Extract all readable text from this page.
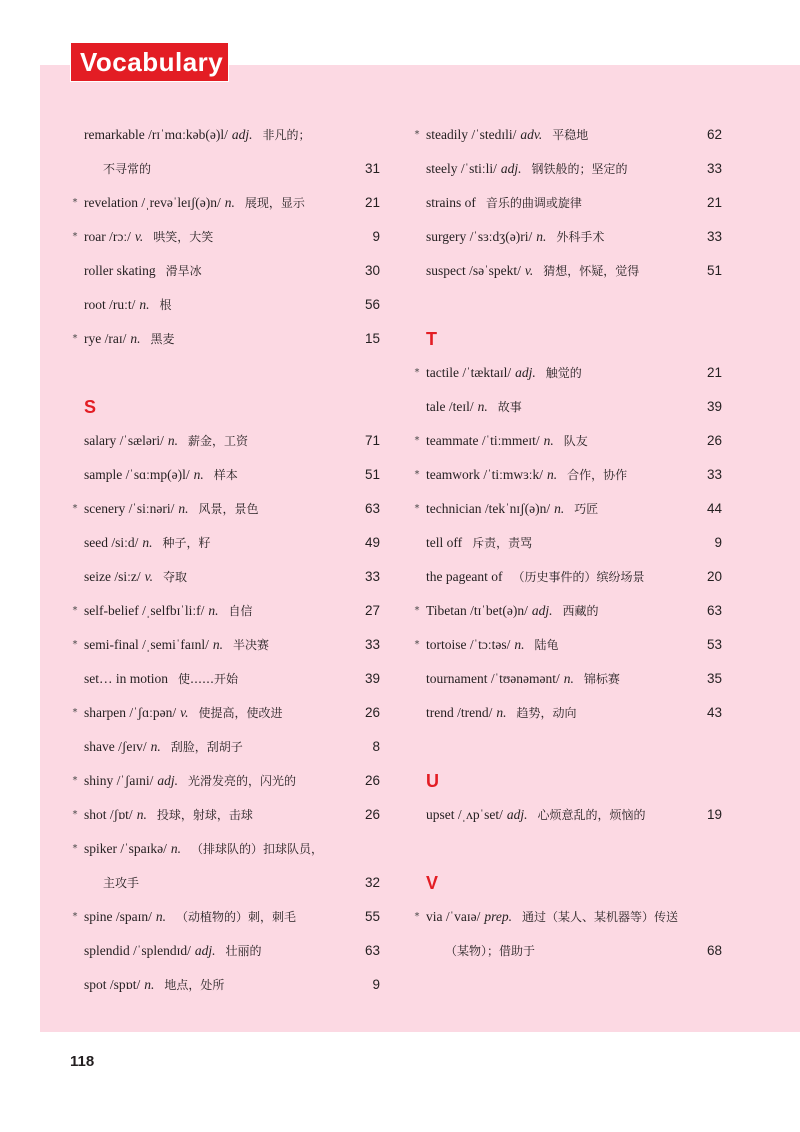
Vocabulary
remarkable /rɪˈmɑːkəb(ə)l/ adj. 非凡的；
不寻常的	31
* revelation /ˌrevəˈleɪʃ(ə)n/ n. 展现，显示	21
* roar /rɔː/ v. 哄笑，大笑	9
roller skating 滑旱冰	30
root /ruːt/ n. 根	56
* rye /raɪ/ n. 黑麦	15
S
salary /ˈsæləri/ n. 薪金，工资	71
sample /ˈsɑːmp(ə)l/ n. 样本	51
* scenery /ˈsiːnəri/ n. 风景，景色	63
seed /siːd/ n. 种子，籽	49
seize /siːz/ v. 夺取	33
* self-belief /ˌselfbɪˈliːf/ n. 自信	27
* semi-final /ˌsemiˈfaɪnl/ n. 半决赛	33
set… in motion 使……开始	39
* sharpen /ˈʃɑːpən/ v. 使提高，使改进	26
shave /ʃeɪv/ n. 刮脸，刮胡子	8
* shiny /ˈʃaɪni/ adj. 光滑发亮的，闪光的	26
* shot /ʃɒt/ n. 投球，射球，击球	26
* spiker /ˈspaɪkə/ n. （排球队的）扣球队员，
主攻手	32
* spine /spaɪn/ n. （动植物的）刺，刺毛	55
splendid /ˈsplendɪd/ adj. 壮丽的	63
spot /spɒt/ n. 地点，处所	9
* steadily /ˈstedɪli/ adv. 平稳地	62
steely /ˈstiːli/ adj. 钢铁般的；坚定的	33
strains of 音乐的曲调或旋律	21
surgery /ˈsɜːdʒ(ə)ri/ n. 外科手术	33
suspect /səˈspekt/ v. 猜想，怀疑，觉得	51
T
* tactile /ˈtæktaɪl/ adj. 触觉的	21
tale /teɪl/ n. 故事	39
* teammate /ˈtiːmmeɪt/ n. 队友	26
* teamwork /ˈtiːmwɜːk/ n. 合作，协作	33
* technician /tekˈnɪʃ(ə)n/ n. 巧匠	44
tell off 斥责，责骂	9
the pageant of （历史事件的）缤纷场景	20
* Tibetan /tɪˈbet(ə)n/ adj. 西藏的	63
* tortoise /ˈtɔːtəs/ n. 陆龟	53
tournament /ˈtʊənəmənt/ n. 锦标赛	35
trend /trend/ n. 趋势，动向	43
U
upset /ˌʌpˈset/ adj. 心烦意乱的，烦恼的	19
V
* via /ˈvaɪə/ prep. 通过（某人、某机器等）传送
（某物）；借助于	68
118
